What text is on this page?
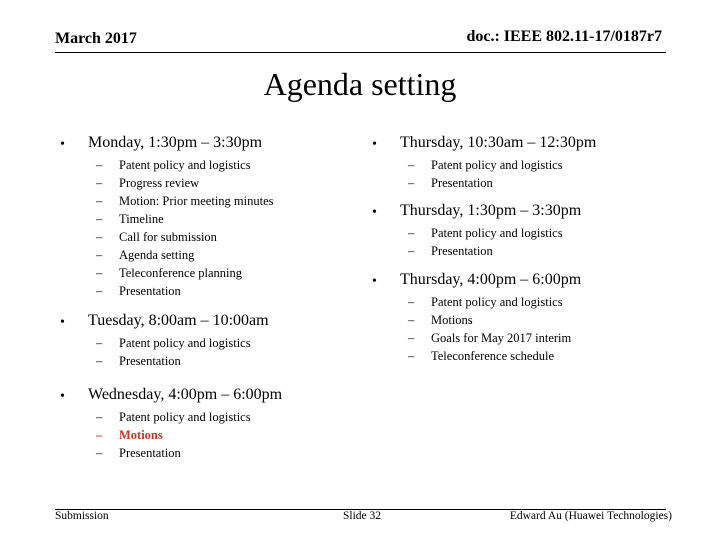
March 2017	doc.: IEEE 802.11-17/0187r7
Agenda setting
• Monday, 1:30pm – 3:30pm
– Patent policy and logistics
– Progress review
– Motion: Prior meeting minutes
– Timeline
– Call for submission
– Agenda setting
– Teleconference planning
– Presentation
• Tuesday, 8:00am – 10:00am
– Patent policy and logistics
– Presentation
• Wednesday, 4:00pm – 6:00pm
– Patent policy and logistics
– Motions
– Presentation
• Thursday, 10:30am – 12:30pm
– Patent policy and logistics
– Presentation
• Thursday, 1:30pm – 3:30pm
– Patent policy and logistics
– Presentation
• Thursday, 4:00pm – 6:00pm
– Patent policy and logistics
– Motions
– Goals for May 2017 interim
– Teleconference schedule
Submission	Slide 32	Edward Au (Huawei Technologies)
